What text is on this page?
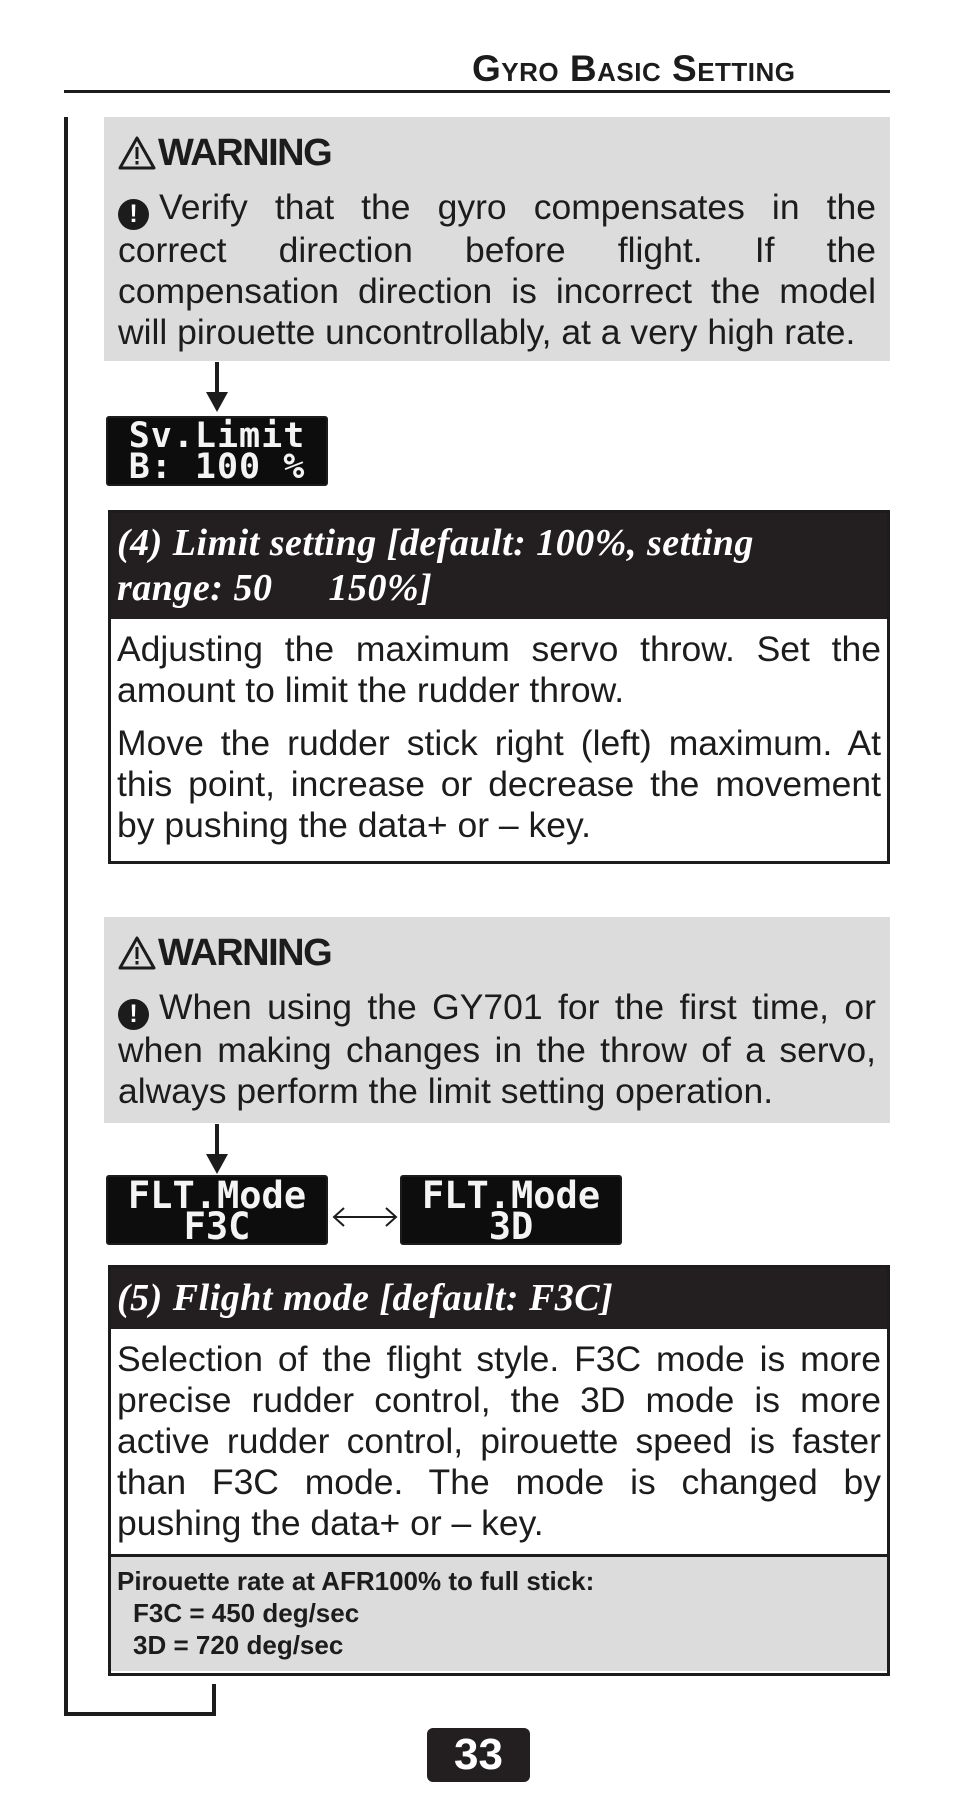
Gyro Basic Setting
WARNING
! Verify that the gyro compensates in the correct direction before flight. If the compensation direction is incorrect the model will pirouette uncontrollably, at a very high rate.
Sv.Limit
B: 100 %
(4) Limit setting [default: 100%, setting
range: 50 150%]

Adjusting the maximum servo throw. Set the amount to limit the rudder throw.

Move the rudder stick right (left) maximum. At this point, increase or decrease the movement by pushing the data+ or – key.

WARNING
! When using the GY701 for the first time, or when making changes in the throw of a servo, always perform the limit setting operation.
FLT.Mode
F3C
FLT.Mode
3D
(5) Flight mode [default: F3C]

Selection of the flight style. F3C mode is more precise rudder control, the 3D mode is more active rudder control, pirouette speed is faster than F3C mode. The mode is changed by pushing the data+ or – key.

Pirouette rate at AFR100% to full stick:
F3C = 450 deg/sec
3D = 720 deg/sec
33
